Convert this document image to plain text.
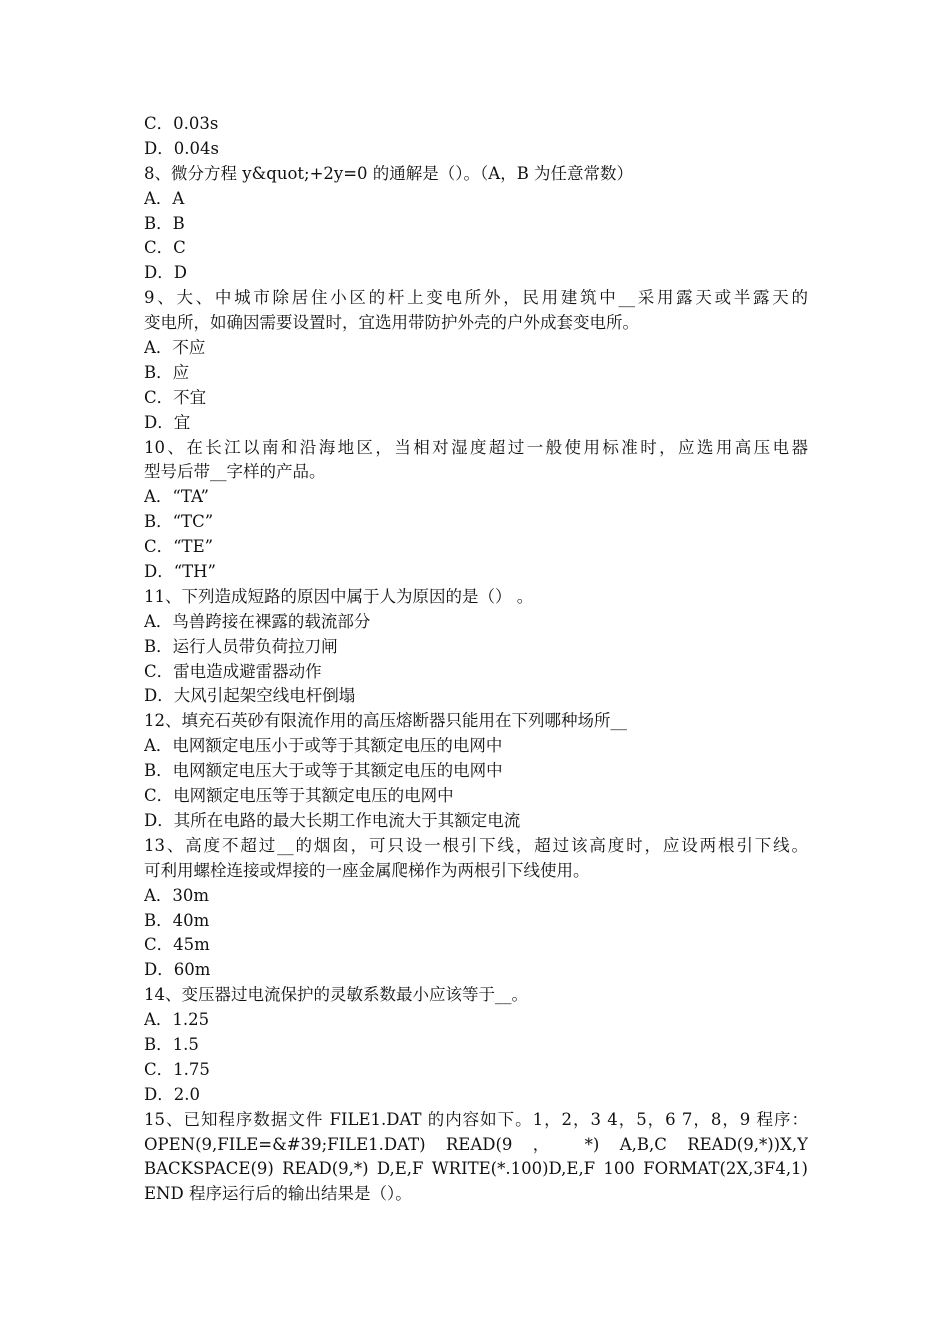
C．0.03s
D．0.04s
8、微分方程 y&quot;+2y=0 的通解是（）。（A，B 为任意常数）
A．A
B．B
C．C
D．D
9、大、中城市除居住小区的杆上变电所外，民用建筑中__采用露天或半露天的
变电所，如确因需要设置时，宜选用带防护外壳的户外成套变电所。
A．不应
B．应
C．不宜
D．宜
10、在长江以南和沿海地区，当相对湿度超过一般使用标准时，应选用高压电器
型号后带__字样的产品。
A．“TA”
B．“TC”
C．“TE”
D．“TH”
11、下列造成短路的原因中属于人为原因的是（） 。
A．鸟兽跨接在裸露的载流部分
B．运行人员带负荷拉刀闸
C．雷电造成避雷器动作
D．大风引起架空线电杆倒塌
12、填充石英砂有限流作用的高压熔断器只能用在下列哪种场所__
A．电网额定电压小于或等于其额定电压的电网中
B．电网额定电压大于或等于其额定电压的电网中
C．电网额定电压等于其额定电压的电网中
D．其所在电路的最大长期工作电流大于其额定电流
13、高度不超过__的烟囱，可只设一根引下线，超过该高度时，应设两根引下线。
可利用螺栓连接或焊接的一座金属爬梯作为两根引下线使用。
A．30m
B．40m
C．45m
D．60m
14、变压器过电流保护的灵敏系数最小应该等于__。
A．1.25
B．1.5
C．1.75
D．2.0
15、已知程序数据文件 FILE1.DAT 的内容如下。1，2，3 4，5，6 7，8，9 程序：
OPEN(9,FILE=&#39;FILE1.DAT) READ(9 ， *) A,B,C READ(9,*))X,Y
BACKSPACE(9) READ(9,*) D,E,F WRITE(*.100)D,E,F 100 FORMAT(2X,3F4,1)
END 程序运行后的输出结果是（）。
